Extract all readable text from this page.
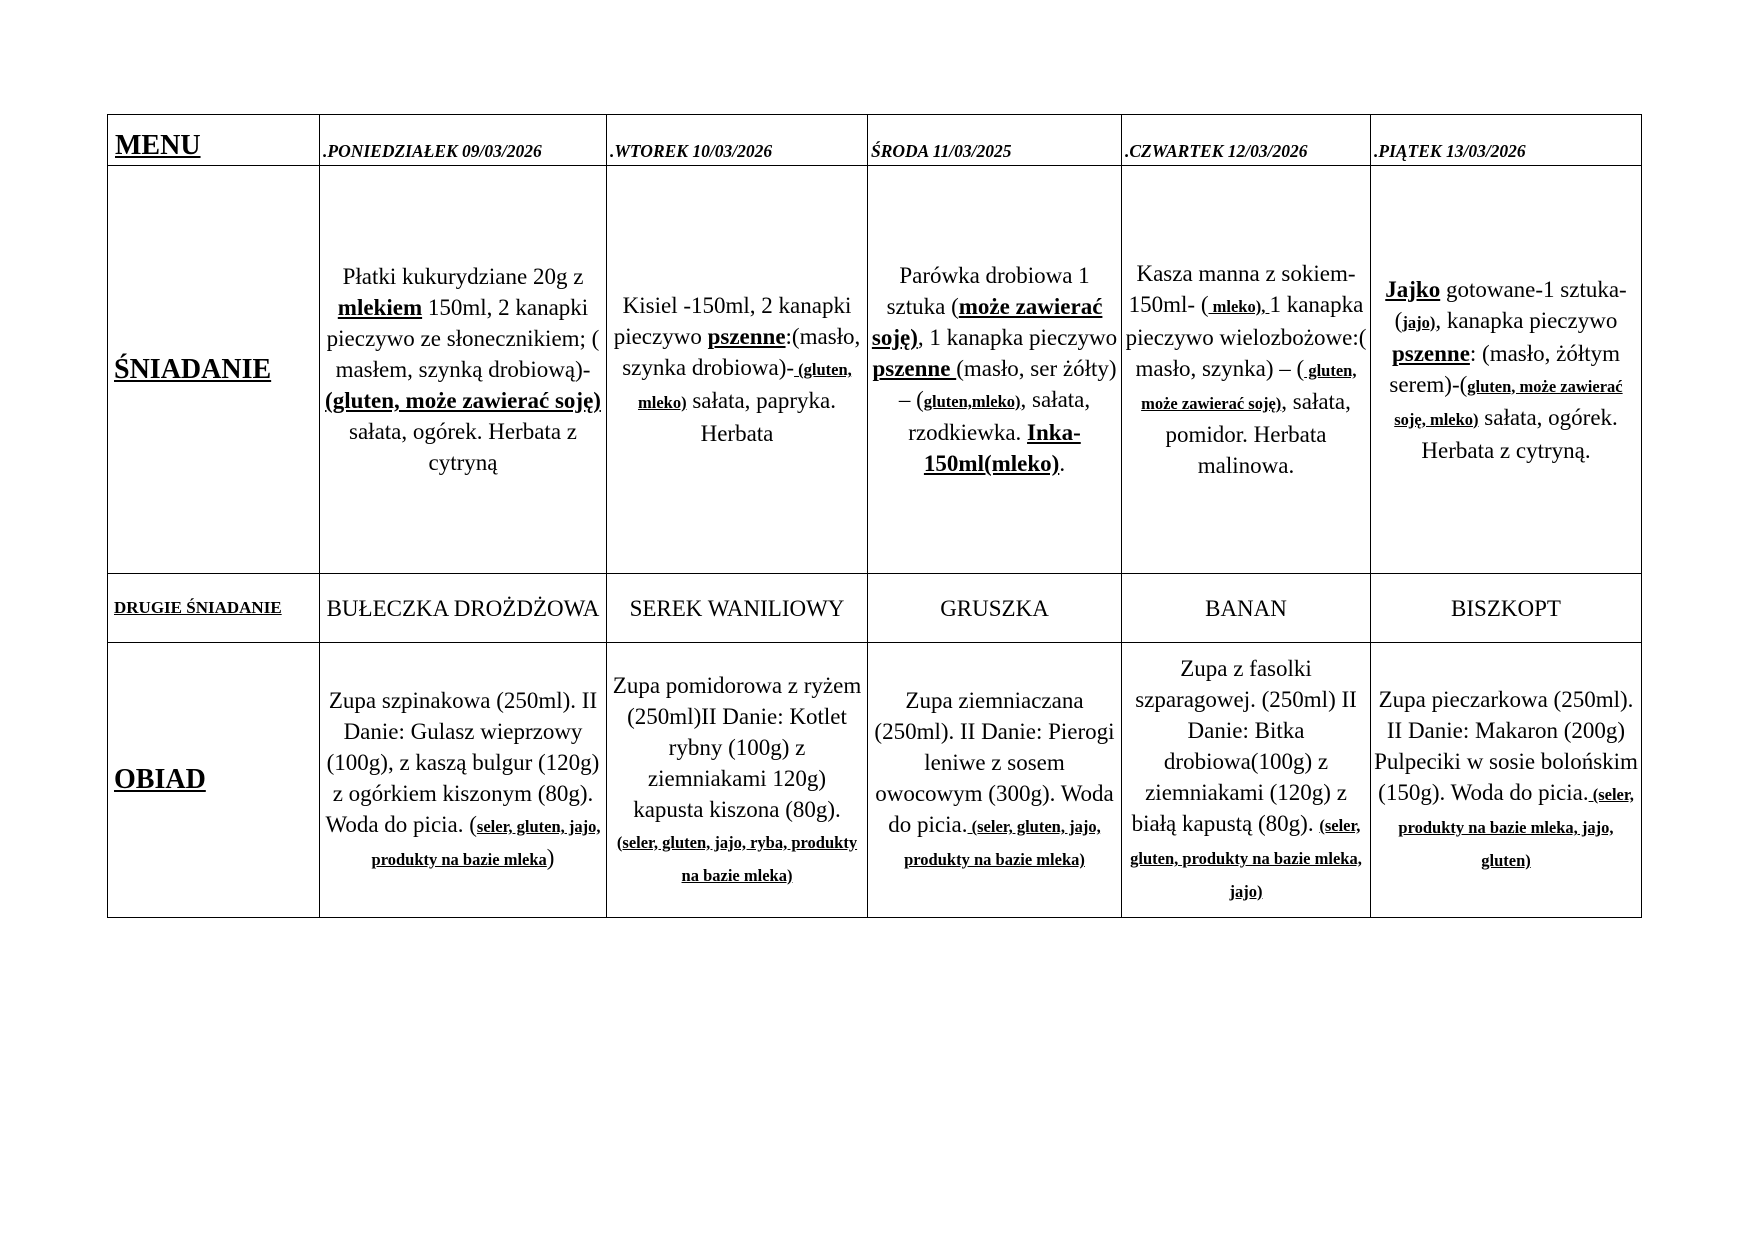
MENU	.PONIEDZIAŁEK 09/03/2026	.WTOREK 10/03/2026	ŚRODA 11/03/2025	.CZWARTEK 12/03/2026	.PIĄTEK 13/03/2026
ŚNIADANIE	Płatki kukurydziane 20g z mlekiem 150ml, 2 kanapki pieczywo ze słonecznikiem; ( masłem, szynką drobiową)- (gluten, może zawierać soję) sałata, ogórek. Herbata z cytryną	Kisiel -150ml, 2 kanapki pieczywo pszenne:(masło, szynka drobiowa)- (gluten, mleko) sałata, papryka. Herbata	Parówka drobiowa 1 sztuka (może zawierać soję), 1 kanapka pieczywo pszenne (masło, ser żółty) – (gluten,mleko), sałata, rzodkiewka. Inka-150ml(mleko).	Kasza manna z sokiem-150ml- ( mleko), 1 kanapka pieczywo wielozbożowe:( masło, szynka) – ( gluten, może zawierać soję), sałata, pomidor. Herbata malinowa.	Jajko gotowane-1 sztuka-(jajo), kanapka pieczywo pszenne: (masło, żółtym serem)-(gluten, może zawierać soję, mleko) sałata, ogórek. Herbata z cytryną.
DRUGIE ŚNIADANIE	BUŁECZKA DROŻDŻOWA	SEREK WANILIOWY	GRUSZKA	BANAN	BISZKOPT
OBIAD	Zupa szpinakowa (250ml). II Danie: Gulasz wieprzowy (100g), z kaszą bulgur (120g) z ogórkiem kiszonym (80g). Woda do picia. (seler, gluten, jajo, produkty na bazie mleka)	Zupa pomidorowa z ryżem (250ml)II Danie: Kotlet rybny (100g) z ziemniakami 120g) kapusta kiszona (80g). (seler, gluten, jajo, ryba, produkty na bazie mleka)	Zupa ziemniaczana (250ml). II Danie: Pierogi leniwe z sosem owocowym (300g). Woda do picia. (seler, gluten, jajo, produkty na bazie mleka)	Zupa z fasolki szparagowej. (250ml) II Danie: Bitka drobiowa(100g) z ziemniakami (120g) z białą kapustą (80g). (seler, gluten, produkty na bazie mleka, jajo)	Zupa pieczarkowa (250ml). II Danie: Makaron (200g) Pulpeciki w sosie bolońskim (150g). Woda do picia. (seler, produkty na bazie mleka, jajo, gluten)
